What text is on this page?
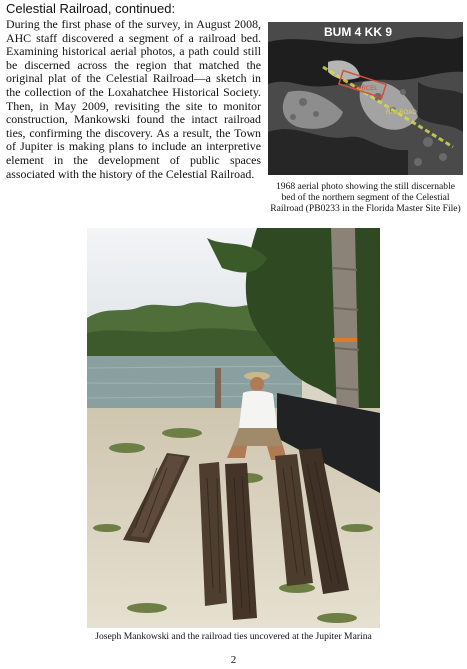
Celestial Railroad, continued:

During the first phase of the survey, in August 2008, AHC staff discovered a segment of a railroad bed. Examining historical aerial photos, a path could still be discerned across the region that matched the original plat of the Celestial Railroad—a sketch in the collection of the Loxahatchee Historical Society. Then, in May 2009, revisiting the site to monitor construction, Mankowski found the intact railroad ties, confirming the discovery. As a result, the Town of Jupiter is making plans to include an interpretive element in the development of public spaces associated with the history of the Celestial Railroad.

PARCEL
RAILROAD
BUM 4 KK 9

1968 aerial photo showing the still discernable bed of the northern segment of the Celestial Railroad (PB0233 in the Florida Master Site File)

Joseph Mankowski and the railroad ties uncovered at the Jupiter Marina

2
